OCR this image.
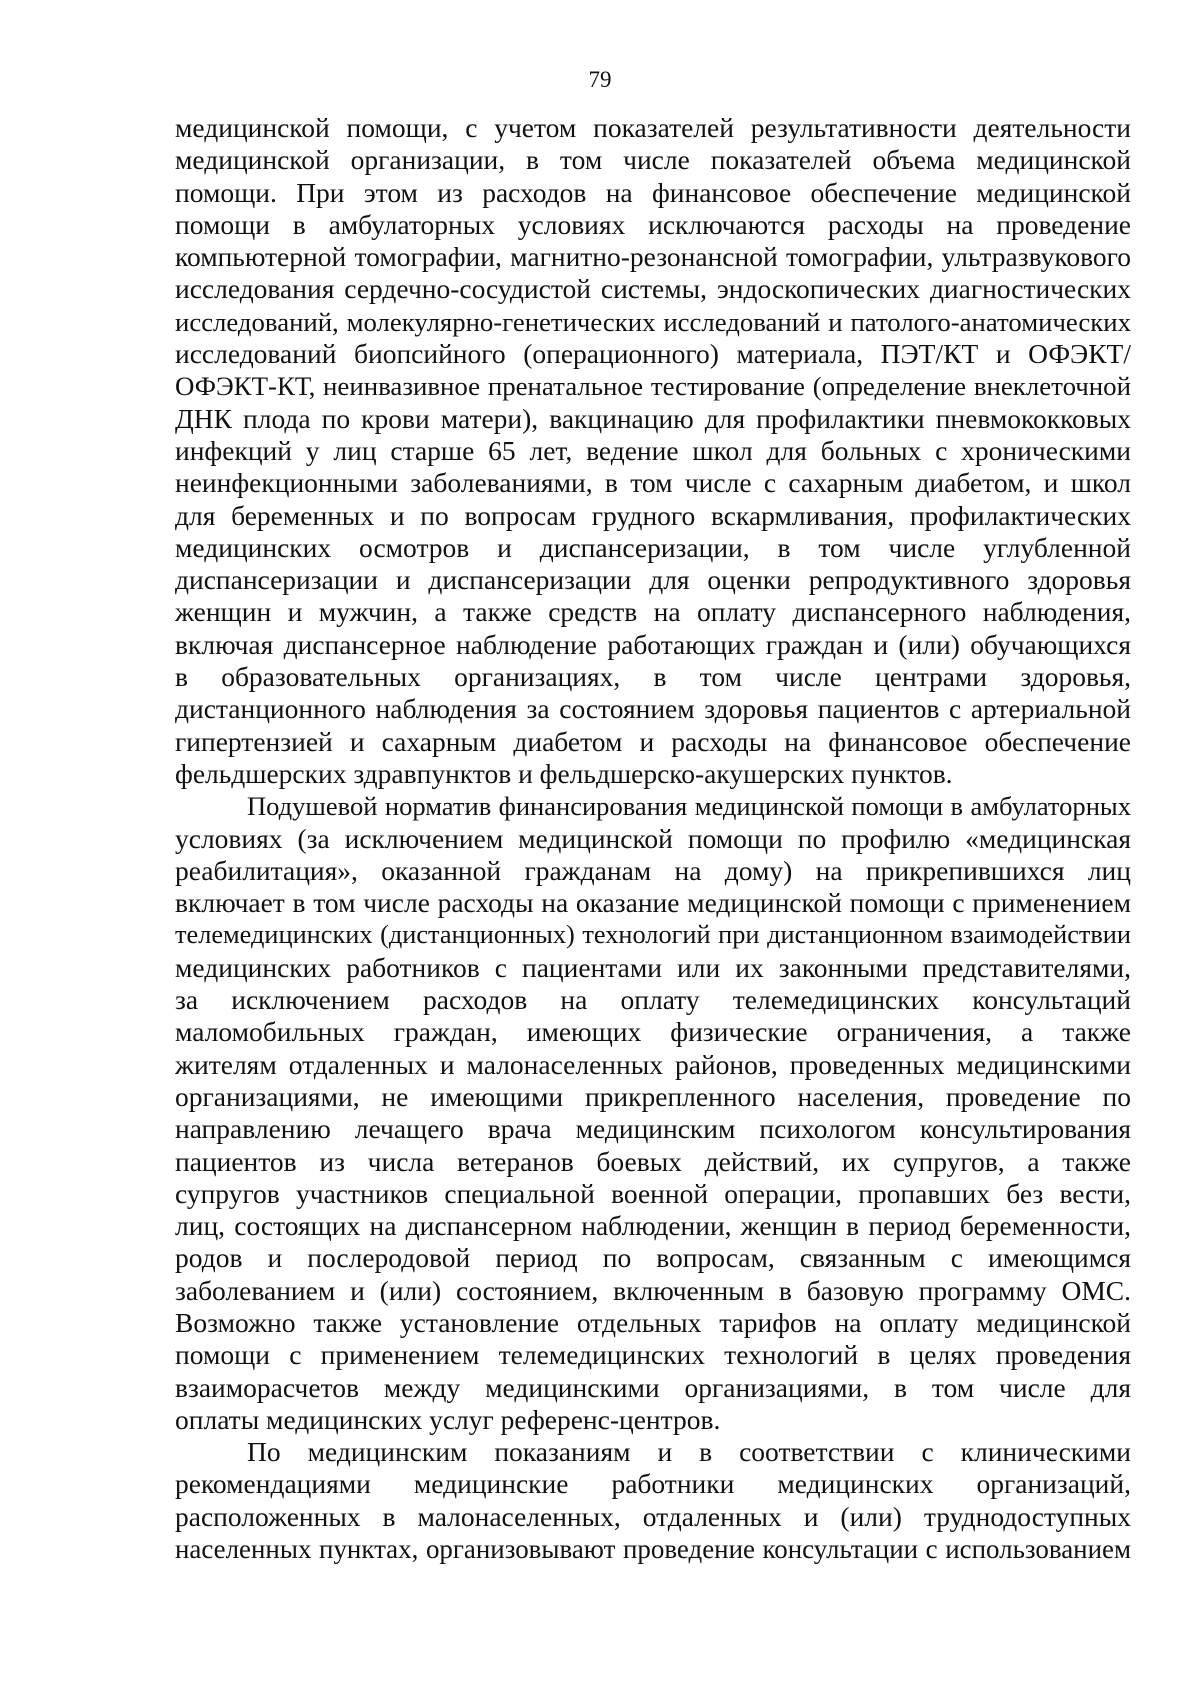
79
медицинской помощи, с учетом показателей результативности деятельности
медицинской организации, в том числе показателей объема медицинской
помощи. При этом из расходов на финансовое обеспечение медицинской
помощи в амбулаторных условиях исключаются расходы на проведение
компьютерной томографии, магнитно-резонансной томографии, ультразвукового
исследования сердечно-сосудистой системы, эндоскопических диагностических
исследований, молекулярно-генетических исследований и патолого-анатомических
исследований биопсийного (операционного) материала, ПЭТ/КТ и ОФЭКТ/
ОФЭКТ-КТ, неинвазивное пренатальное тестирование (определение внеклеточной
ДНК плода по крови матери), вакцинацию для профилактики пневмококковых
инфекций у лиц старше 65 лет, ведение школ для больных с хроническими
неинфекционными заболеваниями, в том числе с сахарным диабетом, и школ
для беременных и по вопросам грудного вскармливания, профилактических
медицинских осмотров и диспансеризации, в том числе углубленной
диспансеризации и диспансеризации для оценки репродуктивного здоровья
женщин и мужчин, а также средств на оплату диспансерного наблюдения,
включая диспансерное наблюдение работающих граждан и (или) обучающихся
в образовательных организациях, в том числе центрами здоровья,
дистанционного наблюдения за состоянием здоровья пациентов с артериальной
гипертензией и сахарным диабетом и расходы на финансовое обеспечение
фельдшерских здравпунктов и фельдшерско-акушерских пунктов.
Подушевой норматив финансирования медицинской помощи в амбулаторных
условиях (за исключением медицинской помощи по профилю «медицинская
реабилитация», оказанной гражданам на дому) на прикрепившихся лиц
включает в том числе расходы на оказание медицинской помощи с применением
телемедицинских (дистанционных) технологий при дистанционном взаимодействии
медицинских работников с пациентами или их законными представителями,
за исключением расходов на оплату телемедицинских консультаций
маломобильных граждан, имеющих физические ограничения, а также
жителям отдаленных и малонаселенных районов, проведенных медицинскими
организациями, не имеющими прикрепленного населения, проведение по
направлению лечащего врача медицинским психологом консультирования
пациентов из числа ветеранов боевых действий, их супругов, а также
супругов участников специальной военной операции, пропавших без вести,
лиц, состоящих на диспансерном наблюдении, женщин в период беременности,
родов и послеродовой период по вопросам, связанным с имеющимся
заболеванием и (или) состоянием, включенным в базовую программу ОМС.
Возможно также установление отдельных тарифов на оплату медицинской
помощи с применением телемедицинских технологий в целях проведения
взаиморасчетов между медицинскими организациями, в том числе для
оплаты медицинских услуг референс-центров.
По медицинским показаниям и в соответствии с клиническими
рекомендациями медицинские работники медицинских организаций,
расположенных в малонаселенных, отдаленных и (или) труднодоступных
населенных пунктах, организовывают проведение консультации с использованием
